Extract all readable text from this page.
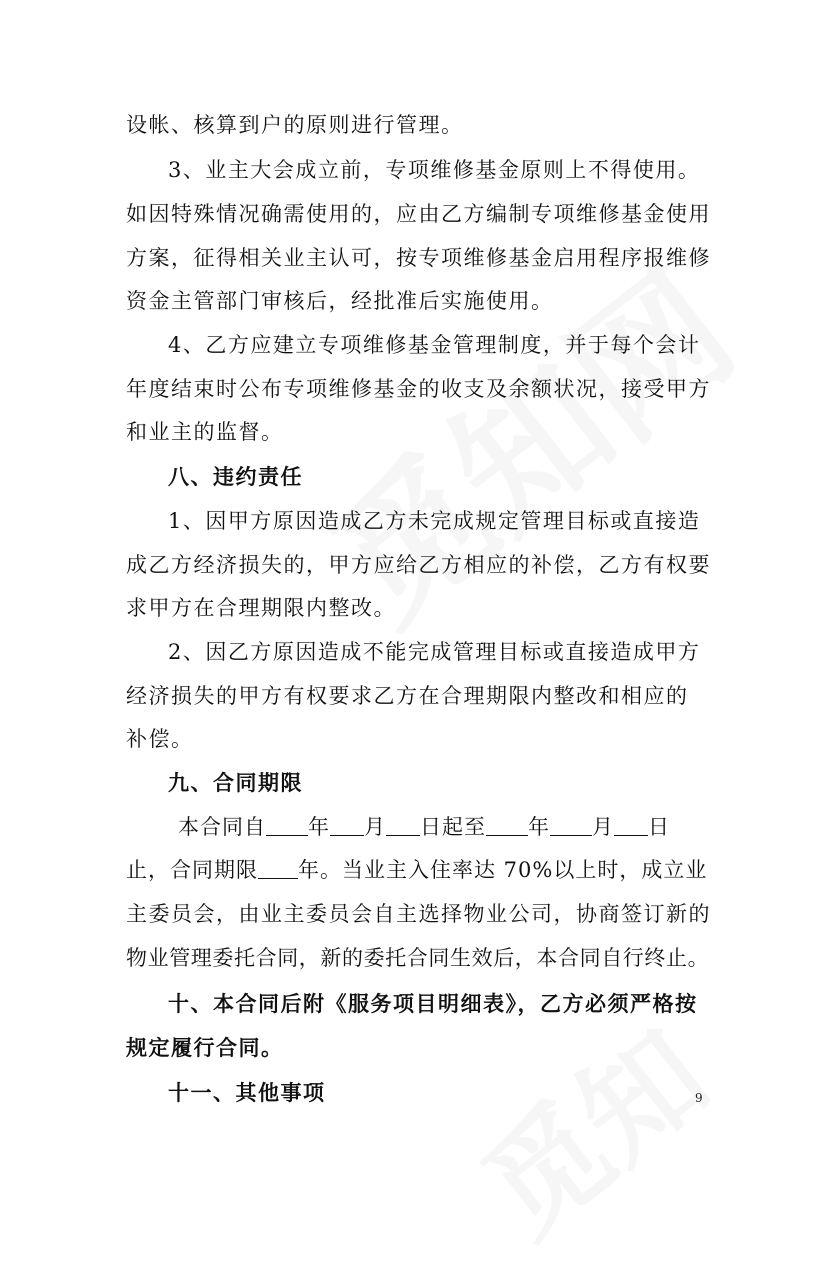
设帐、核算到户的原则进行管理。
3、业主大会成立前，专项维修基金原则上不得使用。
如因特殊情况确需使用的，应由乙方编制专项维修基金使用
方案，征得相关业主认可，按专项维修基金启用程序报维修
资金主管部门审核后，经批准后实施使用。
4、乙方应建立专项维修基金管理制度，并于每个会计
年度结束时公布专项维修基金的收支及余额状况，接受甲方
和业主的监督。
八、违约责任
1、因甲方原因造成乙方未完成规定管理目标或直接造
成乙方经济损失的，甲方应给乙方相应的补偿，乙方有权要
求甲方在合理期限内整改。
2、因乙方原因造成不能完成管理目标或直接造成甲方
经济损失的甲方有权要求乙方在合理期限内整改和相应的
补偿。
九、合同期限
本合同自 年 月 日起至 年 月 日
止，合同期限 年。当业主入住率达 70%以上时，成立业
主委员会，由业主委员会自主选择物业公司，协商签订新的
物业管理委托合同，新的委托合同生效后，本合同自行终止。
十、本合同后附《服务项目明细表》，乙方必须严格按
规定履行合同。
十一、其他事项	9
